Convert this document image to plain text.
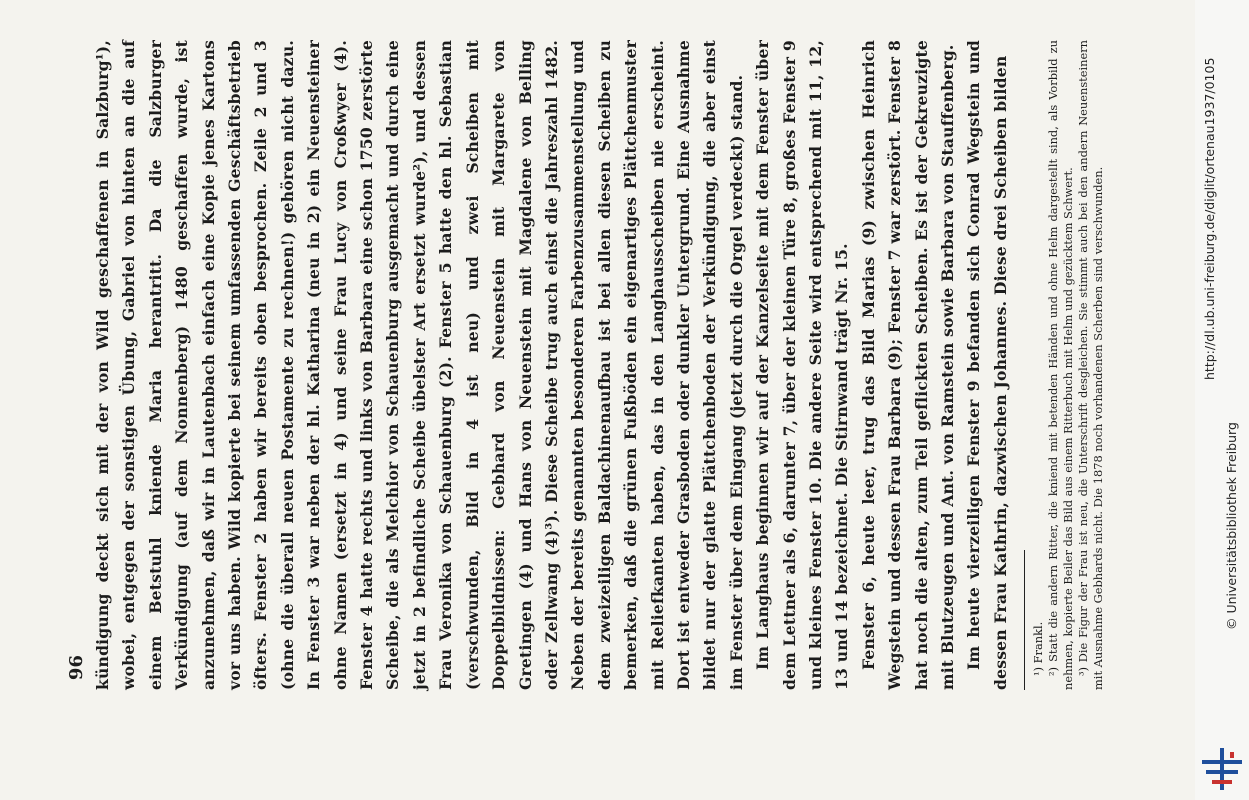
96 kündigung deckt sich mit der von Wild geschaffenen in Salzburg¹), wobei, entgegen der sonstigen Übung, Gabriel von hinten an die auf einem Betstuhl kniende Maria herantritt. Da die Salzburger Verkündigung (auf dem Nonnenberg) 1480 geschaffen wurde, ist anzunehmen, daß wir in Lautenbach einfach eine Kopie jenes Kartons vor uns haben. Wild kopierte bei seinem umfassenden Geschäftsbetrieb öfters. Fenster 2 haben wir bereits oben besprochen. Zeile 2 und 3 (ohne die überall neuen Postamente zu rechnen!) gehören nicht dazu. In Fenster 3 war neben der hl. Katharina (neu in 2) ein Neuensteiner ohne Namen (ersetzt in 4) und seine Frau Lucy von Croßwyer (4). Fenster 4 hatte rechts und links von Barbara eine schon 1750 zerstörte Scheibe, die als Melchior von Schauenburg ausgemacht und durch eine jetzt in 2 befindliche Scheibe übelster Art ersetzt wurde²), und dessen Frau Veronika von Schauenburg (2). Fenster 5 hatte den hl. Sebastian (verschwunden, Bild in 4 ist neu) und zwei Scheiben mit Doppelbildnissen: Gebhard von Neuenstein mit Margarete von Gretingen (4) und Hans von Neuenstein mit Magdalene von Belling oder Zellwang (4)³). Diese Scheibe trug auch einst die Jahreszahl 1482. Neben der bereits genannten besonderen Farbenzusammenstellung und dem zweizeiligen Baldachinenaufbau ist bei allen diesen Scheiben zu bemerken, daß die grünen Fußböden ein eigenartiges Plättchenmuster mit Reliefkanten haben, das in den Langhausscheiben nie erscheint. Dort ist entweder Grasboden oder dunkler Untergrund. Eine Ausnahme bildet nur der glatte Plättchenboden der Verkündigung, die aber einst im Fenster über dem Eingang (jetzt durch die Orgel verdeckt) stand. Im Langhaus beginnen wir auf der Kanzelseite mit dem Fenster über dem Lettner als 6, darunter 7, über der kleinen Türe 8, großes Fenster 9 und kleines Fenster 10. Die andere Seite wird entsprechend mit 11, 12, 13 und 14 bezeichnet. Die Stirnwand trägt Nr. 15. Fenster 6, heute leer, trug das Bild Marias (9) zwischen Heinrich Wegstein und dessen Frau Barbara (9); Fenster 7 war zerstört. Fenster 8 hat noch die alten, zum Teil geflickten Scheiben. Es ist der Gekreuzigte mit Blutzeugen und Ant. von Ramstein sowie Barbara von Stauffenberg. Im heute vierzeiligen Fenster 9 befanden sich Conrad Wegstein und dessen Frau Kathrin, dazwischen Johannes. Diese drei Scheiben bilden	¹) Frankl. ²) Statt die andern Ritter, die kniend mit betenden Händen und ohne Helm dargestellt sind, als Vorbild zu nehmen, kopierte Beiler das Bild aus einem Ritterbuch mit Helm und gezücktem Schwert. ³) Die Figur der Frau ist neu, die Unterschrift desgleichen. Sie stimmt auch bei den andern Neuensteinern mit Ausnahme Gebhards nicht. Die 1878 noch vorhandenen Scherben sind verschwunden.	http://dl.ub.uni-freiburg.de/diglit/ortenau1937/0105
© Universitätsbibliothek Freiburg
